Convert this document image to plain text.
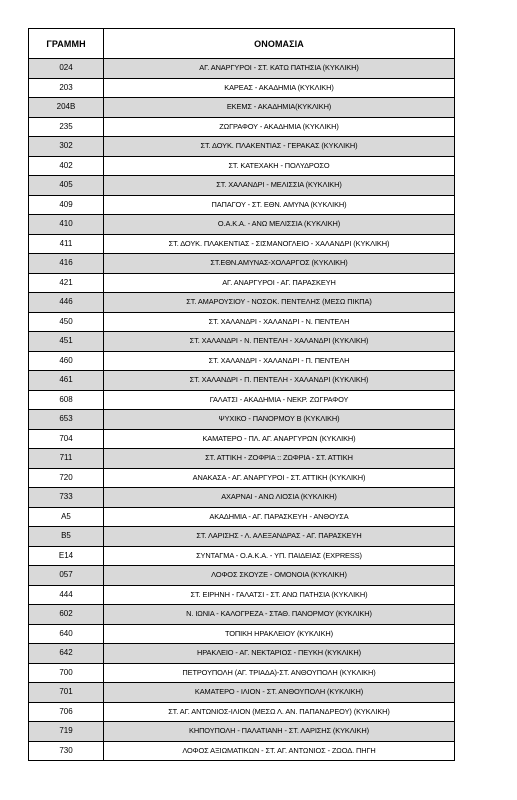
ΓΡΑΜΜΗ	ΟΝΟΜΑΣΙΑ
024	ΑΓ. ΑΝΑΡΓΥΡΟΙ - ΣΤ. ΚΑΤΩ ΠΑΤΗΣΙΑ (ΚΥΚΛΙΚΗ)
203	ΚΑΡΕΑΣ - ΑΚΑΔΗΜΙΑ (ΚΥΚΛΙΚΗ)
204Β	ΕΚΕΜΣ - ΑΚΑΔΗΜΙΑ(ΚΥΚΛΙΚΗ)
235	ΖΩΓΡΑΦΟΥ - ΑΚΑΔΗΜΙΑ (ΚΥΚΛΙΚΗ)
302	ΣΤ. ΔΟΥΚ. ΠΛΑΚΕΝΤΙΑΣ - ΓΕΡΑΚΑΣ (ΚΥΚΛΙΚΗ)
402	ΣΤ. ΚΑΤΕΧΑΚΗ - ΠΟΛΥΔΡΟΣΟ
405	ΣΤ. ΧΑΛΑΝΔΡΙ - ΜΕΛΙΣΣΙΑ (ΚΥΚΛΙΚΗ)
409	ΠΑΠΑΓΟΥ - ΣΤ. ΕΘΝ. ΑΜΥΝΑ (ΚΥΚΛΙΚΗ)
410	Ο.Α.Κ.Α. - ΑΝΩ ΜΕΛΙΣΣΙΑ (ΚΥΚΛΙΚΗ)
411	ΣΤ. ΔΟΥΚ. ΠΛΑΚΕΝΤΙΑΣ - ΣΙΣΜΑΝΟΓΛΕΙΟ - ΧΑΛΑΝΔΡΙ (ΚΥΚΛΙΚΗ)
416	ΣΤ.ΕΘΝ.ΑΜΥΝΑΣ-ΧΟΛΑΡΓΟΣ (ΚΥΚΛΙΚΗ)
421	ΑΓ. ΑΝΑΡΓΥΡΟΙ - ΑΓ. ΠΑΡΑΣΚΕΥΗ
446	ΣΤ. ΑΜΑΡΟΥΣΙΟΥ - ΝΟΣΟΚ. ΠΕΝΤΕΛΗΣ (ΜΕΣΩ ΠΙΚΠΑ)
450	ΣΤ. ΧΑΛΑΝΔΡΙ - ΧΑΛΑΝΔΡΙ - Ν. ΠΕΝΤΕΛΗ
451	ΣΤ. ΧΑΛΑΝΔΡΙ - Ν. ΠΕΝΤΕΛΗ - ΧΑΛΑΝΔΡΙ (ΚΥΚΛΙΚΗ)
460	ΣΤ. ΧΑΛΑΝΔΡΙ - ΧΑΛΑΝΔΡΙ - Π. ΠΕΝΤΕΛΗ
461	ΣΤ. ΧΑΛΑΝΔΡΙ - Π. ΠΕΝΤΕΛΗ - ΧΑΛΑΝΔΡΙ (ΚΥΚΛΙΚΗ)
608	ΓΑΛΑΤΣΙ - ΑΚΑΔΗΜΙΑ - ΝΕΚΡ. ΖΩΓΡΑΦΟΥ
653	ΨΥΧΙΚΟ - ΠΑΝΟΡΜΟΥ Β (ΚΥΚΛΙΚΗ)
704	ΚΑΜΑΤΕΡΟ - ΠΛ. ΑΓ. ΑΝΑΡΓΥΡΩΝ (ΚΥΚΛΙΚΗ)
711	ΣΤ. ΑΤΤΙΚΗ - ΖΟΦΡΙΑ :: ΖΩΦΡΙΑ - ΣΤ. ΑΤΤΙΚΗ
720	ΑΝΑΚΑΣΑ - ΑΓ. ΑΝΑΡΓΥΡΟΙ - ΣΤ. ΑΤΤΙΚΗ (ΚΥΚΛΙΚΗ)
733	ΑΧΑΡΝΑΙ - ΑΝΩ ΛΙΟΣΙΑ (ΚΥΚΛΙΚΗ)
Α5	ΑΚΑΔΗΜΙΑ - ΑΓ. ΠΑΡΑΣΚΕΥΗ - ΑΝΘΟΥΣΑ
Β5	ΣΤ. ΛΑΡΙΣΗΣ - Λ. ΑΛΕΞΑΝΔΡΑΣ - ΑΓ. ΠΑΡΑΣΚΕΥΗ
Ε14	ΣΥΝΤΑΓΜΑ - Ο.Α.Κ.Α. - ΥΠ. ΠΑΙΔΕΙΑΣ (EXPRESS)
057	ΛΟΦΟΣ ΣΚΟΥΖΕ - ΟΜΟΝΟΙΑ (ΚΥΚΛΙΚΗ)
444	ΣΤ. ΕΙΡΗΝΗ - ΓΑΛΑΤΣΙ - ΣΤ. ΑΝΩ ΠΑΤΗΣΙΑ (ΚΥΚΛΙΚΗ)
602	Ν. ΙΩΝΙΑ - ΚΑΛΟΓΡΕΖΑ - ΣΤΑΘ. ΠΑΝΟΡΜΟΥ (ΚΥΚΛΙΚΗ)
640	ΤΟΠΙΚΗ ΗΡΑΚΛΕΙΟΥ (ΚΥΚΛΙΚΗ)
642	ΗΡΑΚΛΕΙΟ - ΑΓ. ΝΕΚΤΑΡΙΟΣ - ΠΕΥΚΗ (ΚΥΚΛΙΚΗ)
700	ΠΕΤΡΟΥΠΟΛΗ (ΑΓ. ΤΡΙΑΔΑ)-ΣΤ. ΑΝΘΟΥΠΟΛΗ (ΚΥΚΛΙΚΗ)
701	ΚΑΜΑΤΕΡΟ - ΙΛΙΟΝ - ΣΤ. ΑΝΘΟΥΠΟΛΗ (ΚΥΚΛΙΚΗ)
706	ΣΤ. ΑΓ. ΑΝΤΩΝΙΟΣ-ΙΛΙΟΝ (ΜΕΣΩ Λ. ΑΝ. ΠΑΠΑΝΔΡΕΟΥ) (ΚΥΚΛΙΚΗ)
719	ΚΗΠΟΥΠΟΛΗ - ΠΑΛΑΤΙΑΝΗ - ΣΤ. ΛΑΡΙΣΗΣ (ΚΥΚΛΙΚΗ)
730	ΛΟΦΟΣ ΑΞΙΩΜΑΤΙΚΩΝ - ΣΤ. ΑΓ. ΑΝΤΩΝΙΟΣ - ΖΩΟΔ. ΠΗΓΗ
